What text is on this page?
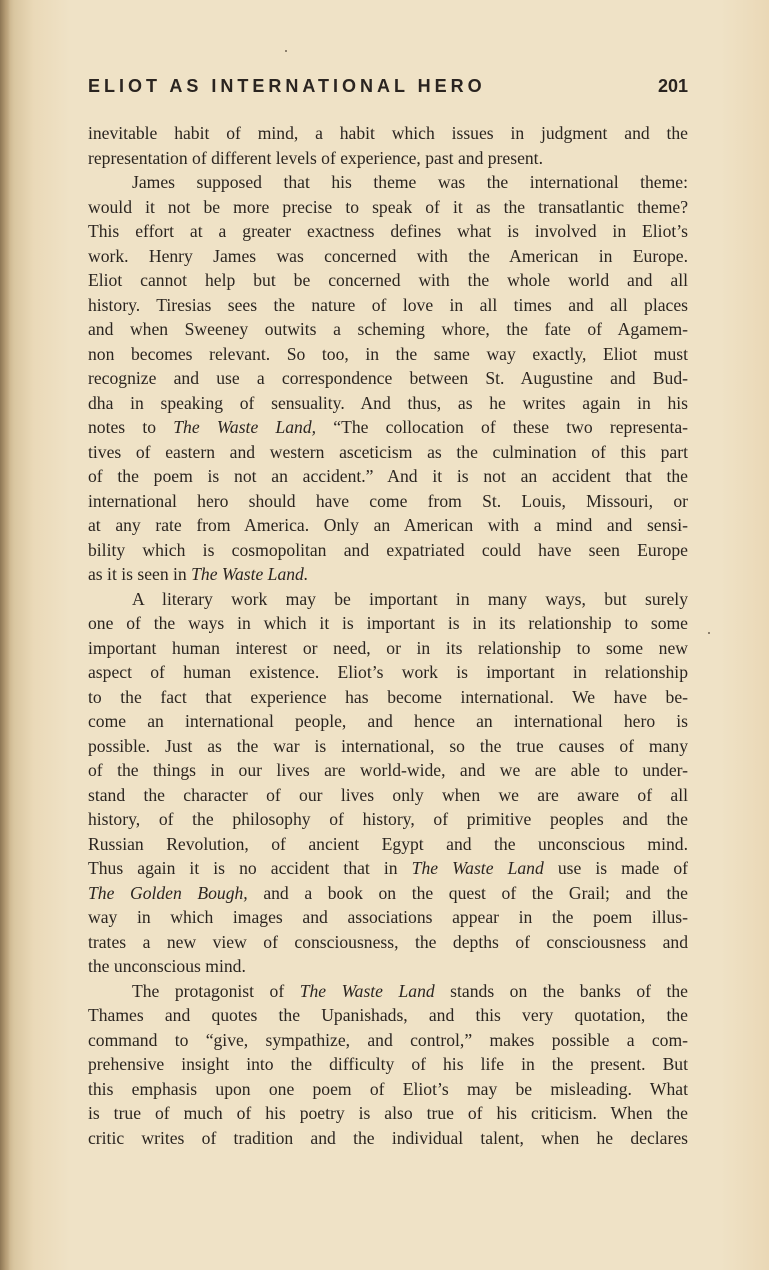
ELIOT AS INTERNATIONAL HERO	201
inevitable habit of mind, a habit which issues in judgment and the
representation of different levels of experience, past and present.
James supposed that his theme was the international theme:
would it not be more precise to speak of it as the transatlantic theme?
This effort at a greater exactness defines what is involved in Eliot’s
work. Henry James was concerned with the American in Europe.
Eliot cannot help but be concerned with the whole world and all
history. Tiresias sees the nature of love in all times and all places
and when Sweeney outwits a scheming whore, the fate of Agamem-
non becomes relevant. So too, in the same way exactly, Eliot must
recognize and use a correspondence between St. Augustine and Bud-
dha in speaking of sensuality. And thus, as he writes again in his
notes to The Waste Land, “The collocation of these two representa-
tives of eastern and western asceticism as the culmination of this part
of the poem is not an accident.” And it is not an accident that the
international hero should have come from St. Louis, Missouri, or
at any rate from America. Only an American with a mind and sensi-
bility which is cosmopolitan and expatriated could have seen Europe
as it is seen in The Waste Land.
A literary work may be important in many ways, but surely
one of the ways in which it is important is in its relationship to some
important human interest or need, or in its relationship to some new
aspect of human existence. Eliot’s work is important in relationship
to the fact that experience has become international. We have be-
come an international people, and hence an international hero is
possible. Just as the war is international, so the true causes of many
of the things in our lives are world-wide, and we are able to under-
stand the character of our lives only when we are aware of all
history, of the philosophy of history, of primitive peoples and the
Russian Revolution, of ancient Egypt and the unconscious mind.
Thus again it is no accident that in The Waste Land use is made of
The Golden Bough, and a book on the quest of the Grail; and the
way in which images and associations appear in the poem illus-
trates a new view of consciousness, the depths of consciousness and
the unconscious mind.
The protagonist of The Waste Land stands on the banks of the
Thames and quotes the Upanishads, and this very quotation, the
command to “give, sympathize, and control,” makes possible a com-
prehensive insight into the difficulty of his life in the present. But
this emphasis upon one poem of Eliot’s may be misleading. What
is true of much of his poetry is also true of his criticism. When the
critic writes of tradition and the individual talent, when he declares
